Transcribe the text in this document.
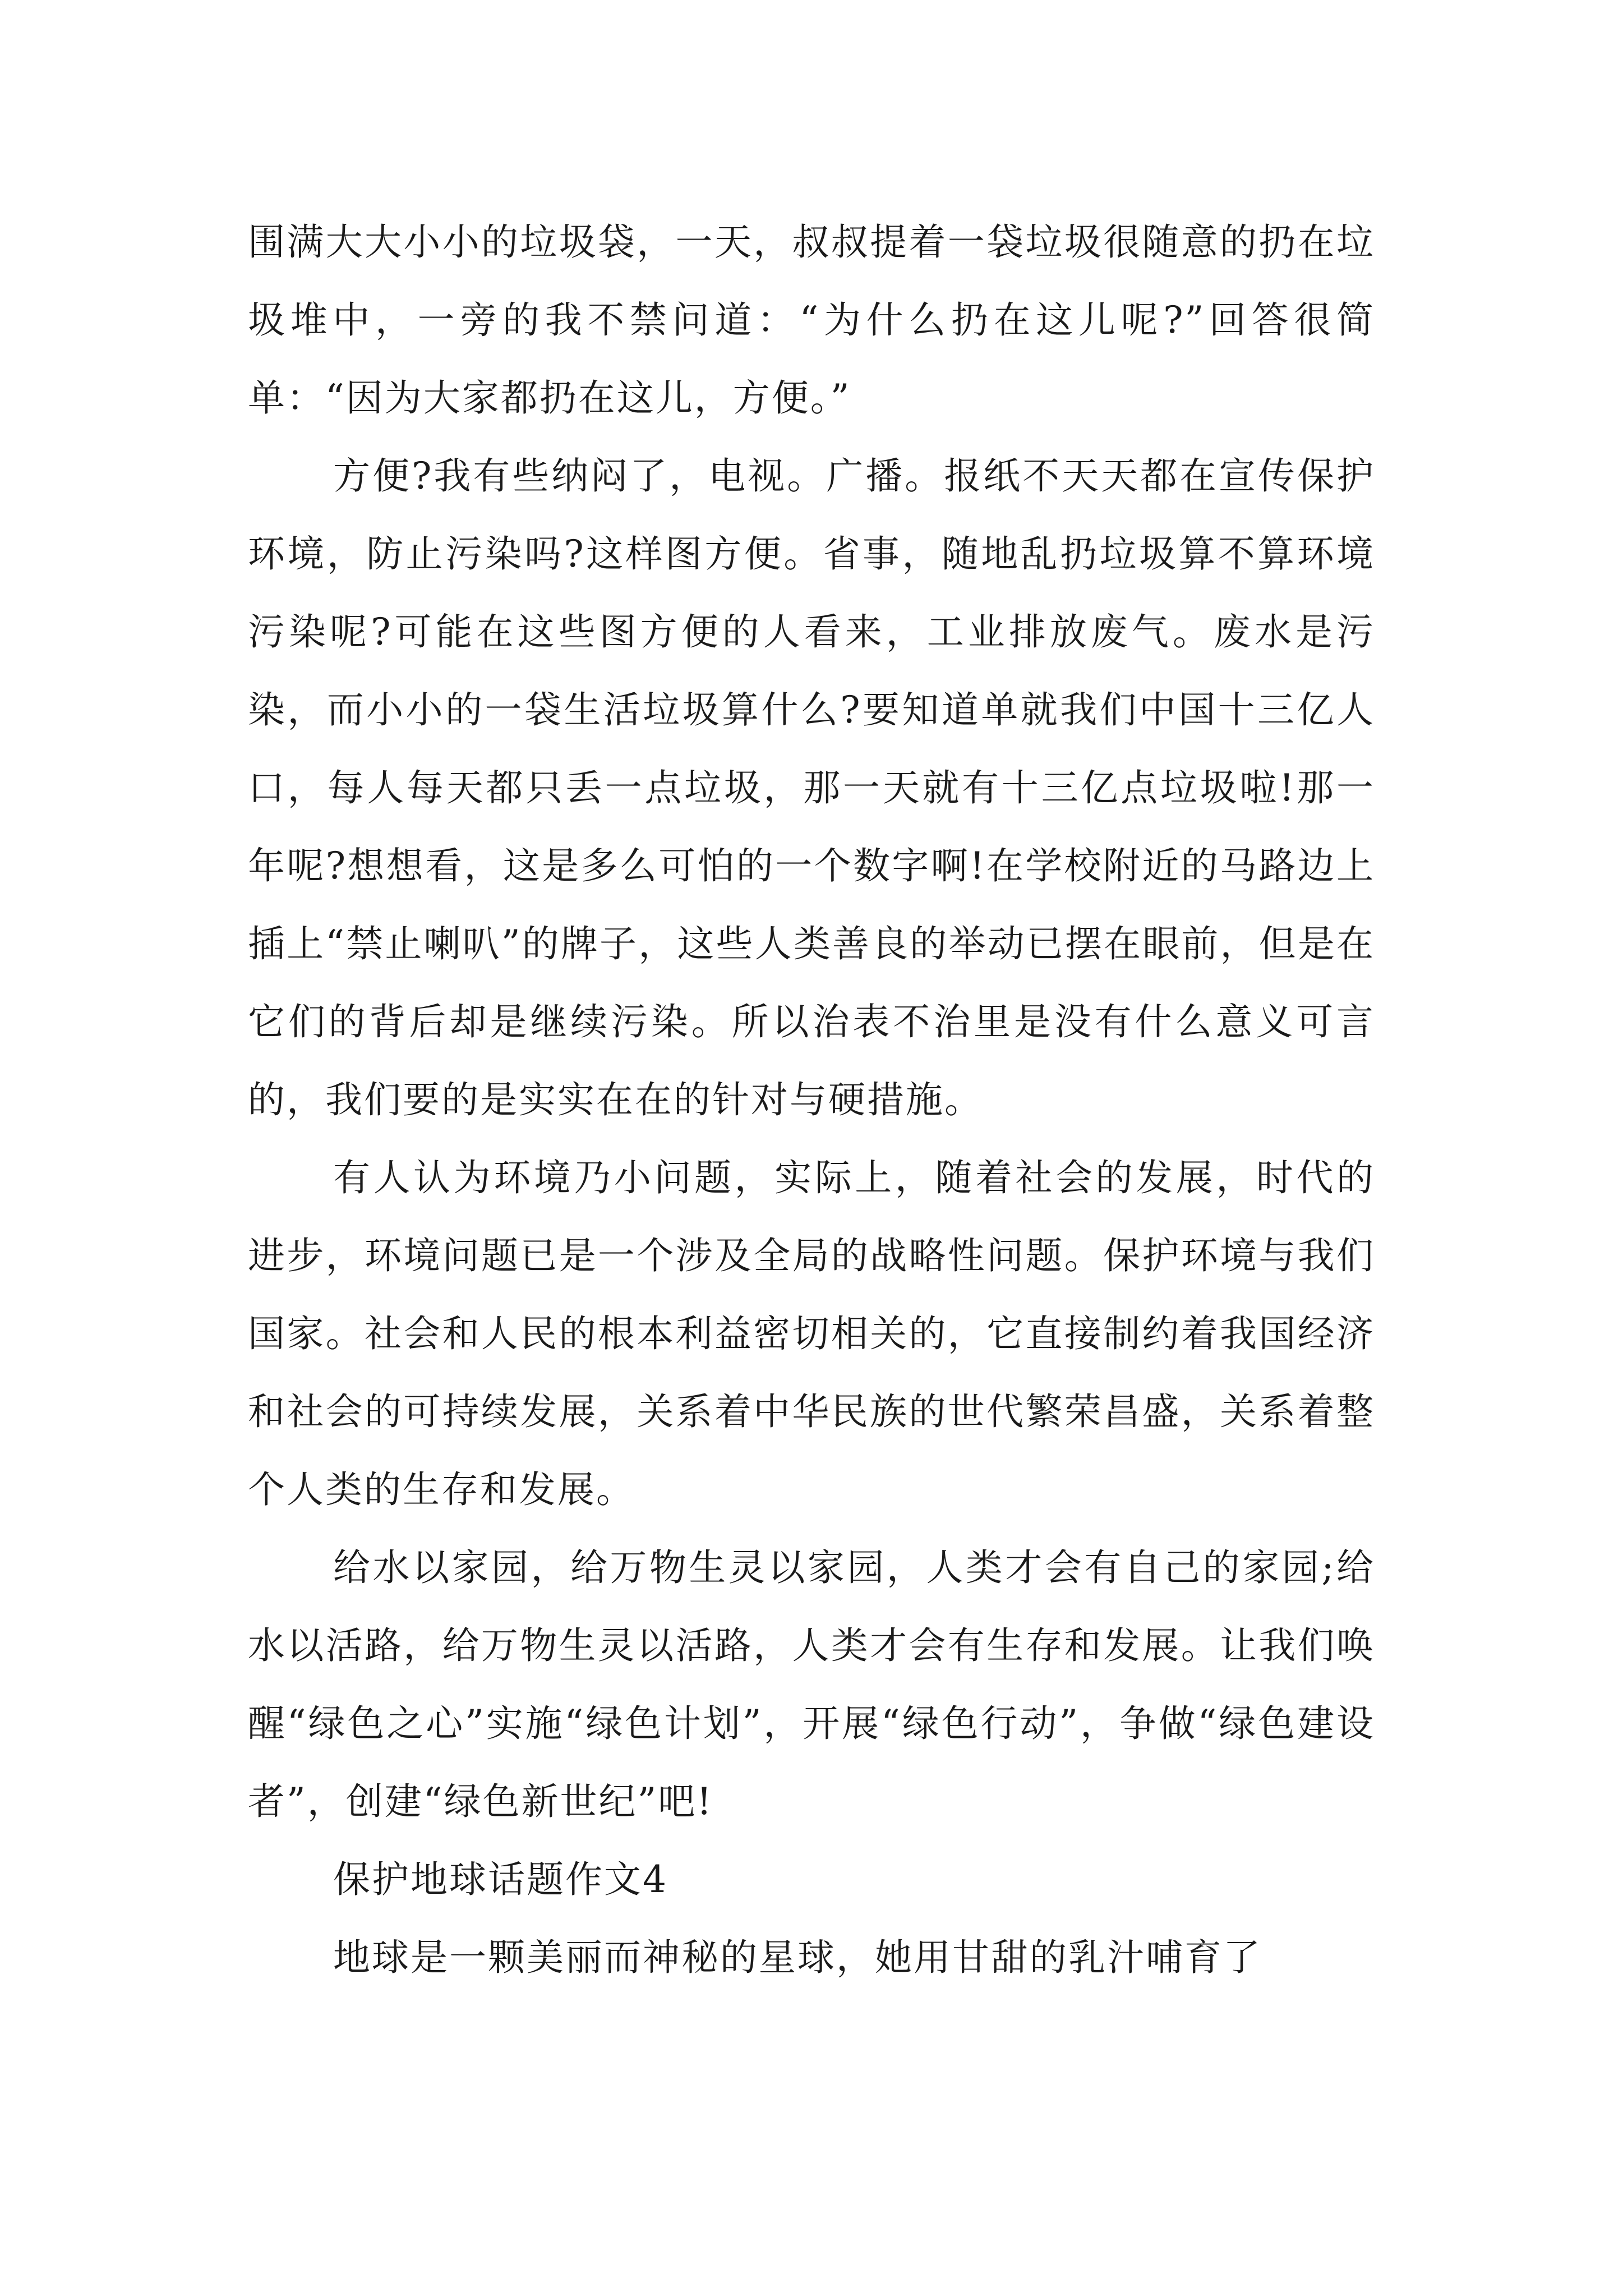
围满大大小小的垃圾袋，一天，叔叔提着一袋垃圾很随意的扔在垃圾堆中，一旁的我不禁问道：“为什么扔在这儿呢?”回答很简单：“因为大家都扔在这儿，方便。”

方便?我有些纳闷了，电视。广播。报纸不天天都在宣传保护环境，防止污染吗?这样图方便。省事，随地乱扔垃圾算不算环境污染呢?可能在这些图方便的人看来，工业排放废气。废水是污染，而小小的一袋生活垃圾算什么?要知道单就我们中国十三亿人口，每人每天都只丢一点垃圾，那一天就有十三亿点垃圾啦!那一年呢?想想看，这是多么可怕的一个数字啊!在学校附近的马路边上插上“禁止喇叭”的牌子，这些人类善良的举动已摆在眼前，但是在它们的背后却是继续污染。所以治表不治里是没有什么意义可言的，我们要的是实实在在的针对与硬措施。

有人认为环境乃小问题，实际上，随着社会的发展，时代的进步，环境问题已是一个涉及全局的战略性问题。保护环境与我们国家。社会和人民的根本利益密切相关的，它直接制约着我国经济和社会的可持续发展，关系着中华民族的世代繁荣昌盛，关系着整个人类的生存和发展。

给水以家园，给万物生灵以家园，人类才会有自己的家园;给水以活路，给万物生灵以活路，人类才会有生存和发展。让我们唤醒“绿色之心”实施“绿色计划”，开展“绿色行动”，争做“绿色建设者”，创建“绿色新世纪”吧!

保护地球话题作文4

地球是一颗美丽而神秘的星球，她用甘甜的乳汁哺育了
